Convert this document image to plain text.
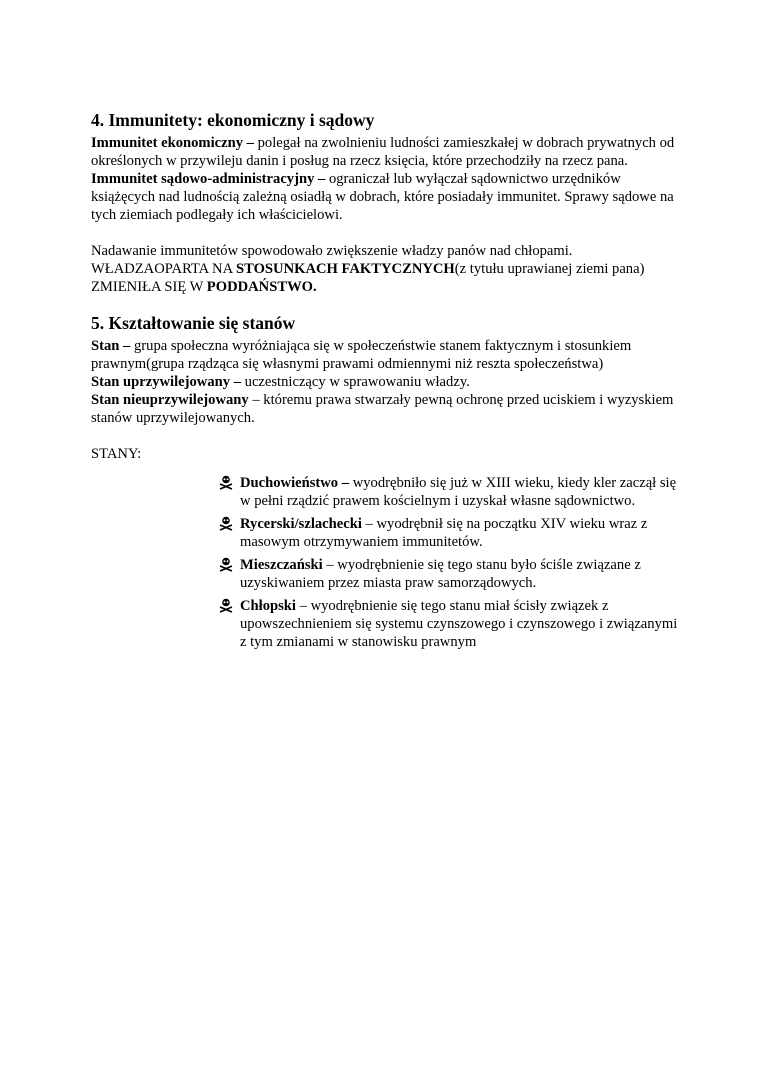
4. Immunitety: ekonomiczny i sądowy

Immunitet ekonomiczny – polegał na zwolnieniu ludności zamieszkałej w dobrach prywatnych od określonych w przywileju danin i posług na rzecz księcia, które przechodziły na rzecz pana.

Immunitet sądowo-administracyjny – ograniczał lub wyłączał sądownictwo urzędników książęcych nad ludnością zależną osiadłą w dobrach, które posiadały immunitet. Sprawy sądowe na tych ziemiach podlegały ich właścicielowi.

Nadawanie immunitetów spowodowało zwiększenie władzy panów nad chłopami. WŁADZAOPARTA NA STOSUNKACH FAKTYCZNYCH(z tytułu uprawianej ziemi pana) ZMIENIŁA SIĘ W PODDAŃSTWO.

5. Kształtowanie się stanów

Stan – grupa społeczna wyróżniająca się w społeczeństwie stanem faktycznym i stosunkiem prawnym(grupa rządząca się własnymi prawami odmiennymi niż reszta społeczeństwa)

Stan uprzywilejowany – uczestniczący w sprawowaniu władzy.

Stan nieuprzywilejowany – któremu prawa stwarzały pewną ochronę przed uciskiem i wyzyskiem stanów uprzywilejowanych.

STANY:

Duchowieństwo – wyodrębniło się już w XIII wieku, kiedy kler zaczął się w pełni rządzić prawem kościelnym i uzyskał własne sądownictwo.
Rycerski/szlachecki – wyodrębnił się na początku XIV wieku wraz z masowym otrzymywaniem immunitetów.
Mieszczański – wyodrębnienie się tego stanu było ściśle związane z uzyskiwaniem przez miasta praw samorządowych.
Chłopski – wyodrębnienie się tego stanu miał ścisły związek z upowszechnieniem się systemu czynszowego i czynszowego i związanymi z tym zmianami w stanowisku prawnym
